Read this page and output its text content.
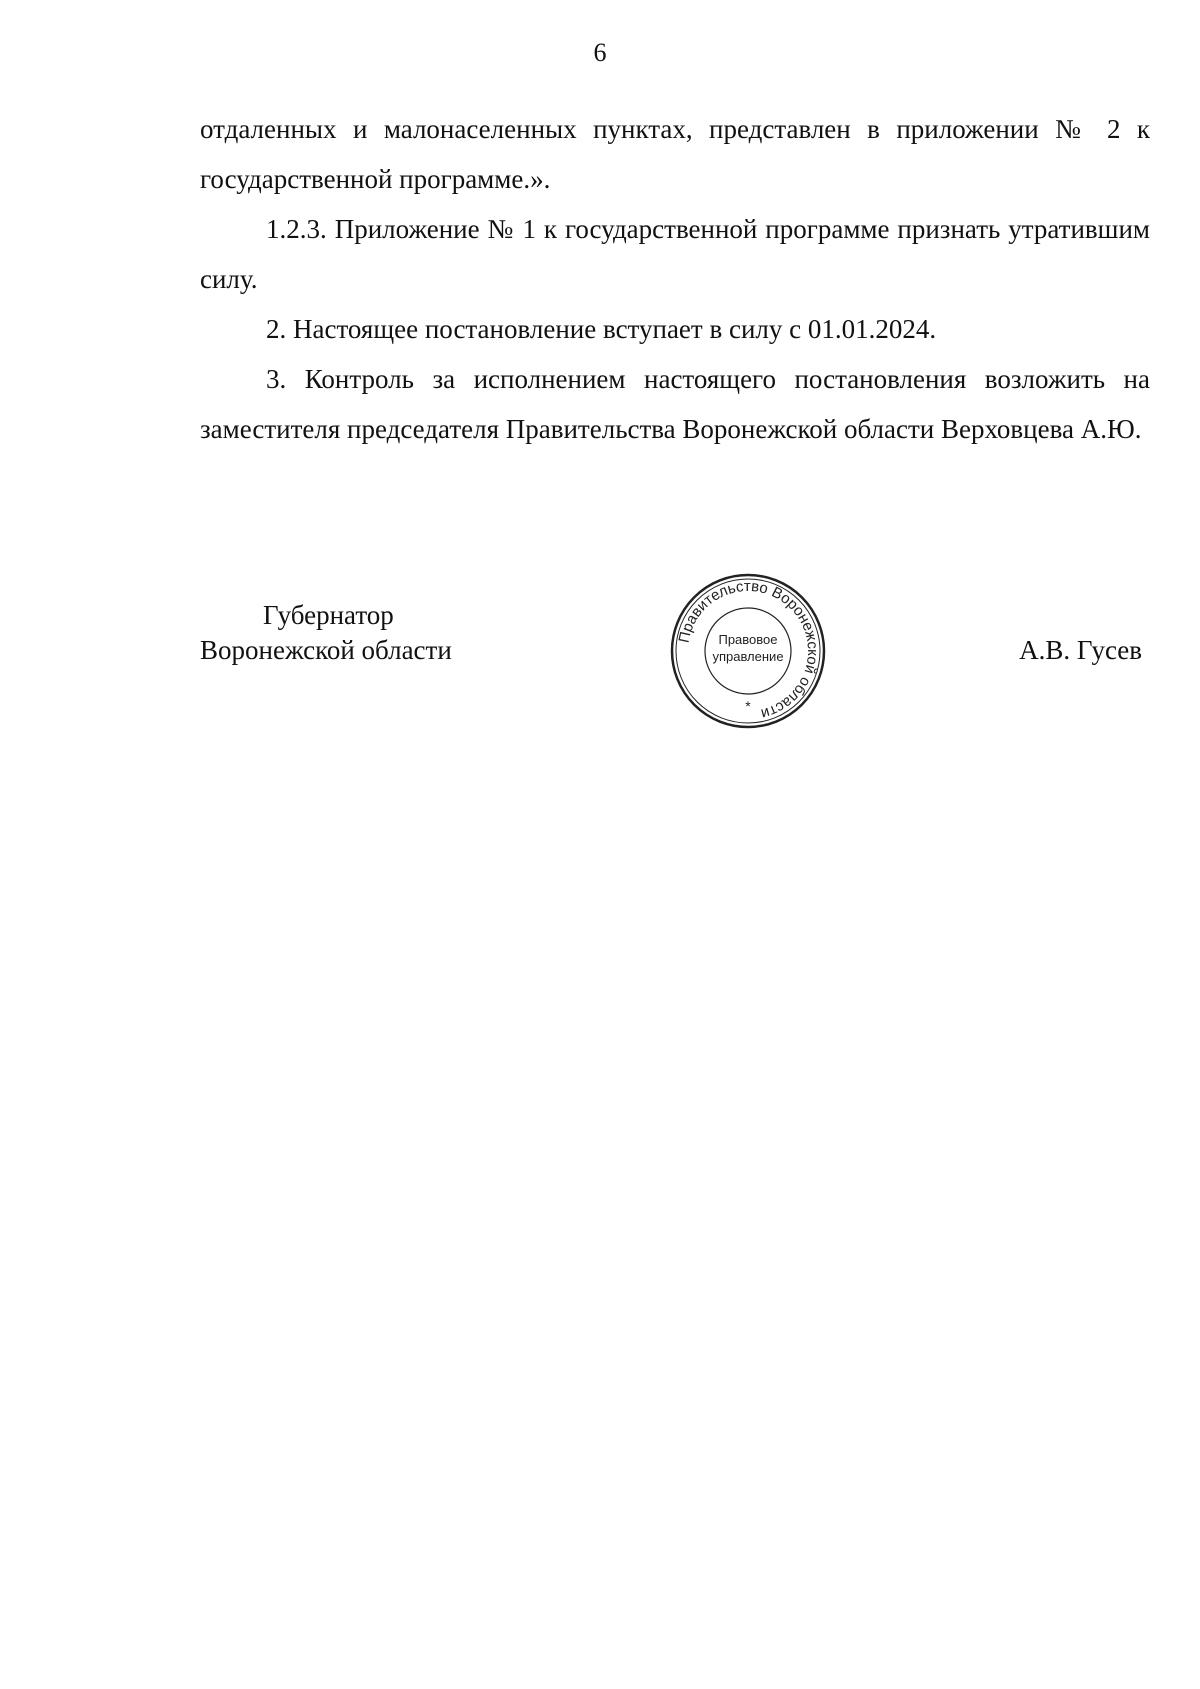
6

отдаленных и малонаселенных пунктах, представлен в приложении № 2 к государственной программе.».

1.2.3. Приложение № 1 к государственной программе признать утратившим силу.

2. Настоящее постановление вступает в силу с 01.01.2024.

3. Контроль за исполнением настоящего постановления возложить на заместителя председателя Правительства Воронежской области Верховцева А.Ю.

Губернатор
Воронежской области	Правительство Воронежской области
*
Правовое
управление	А.В. Гусев
